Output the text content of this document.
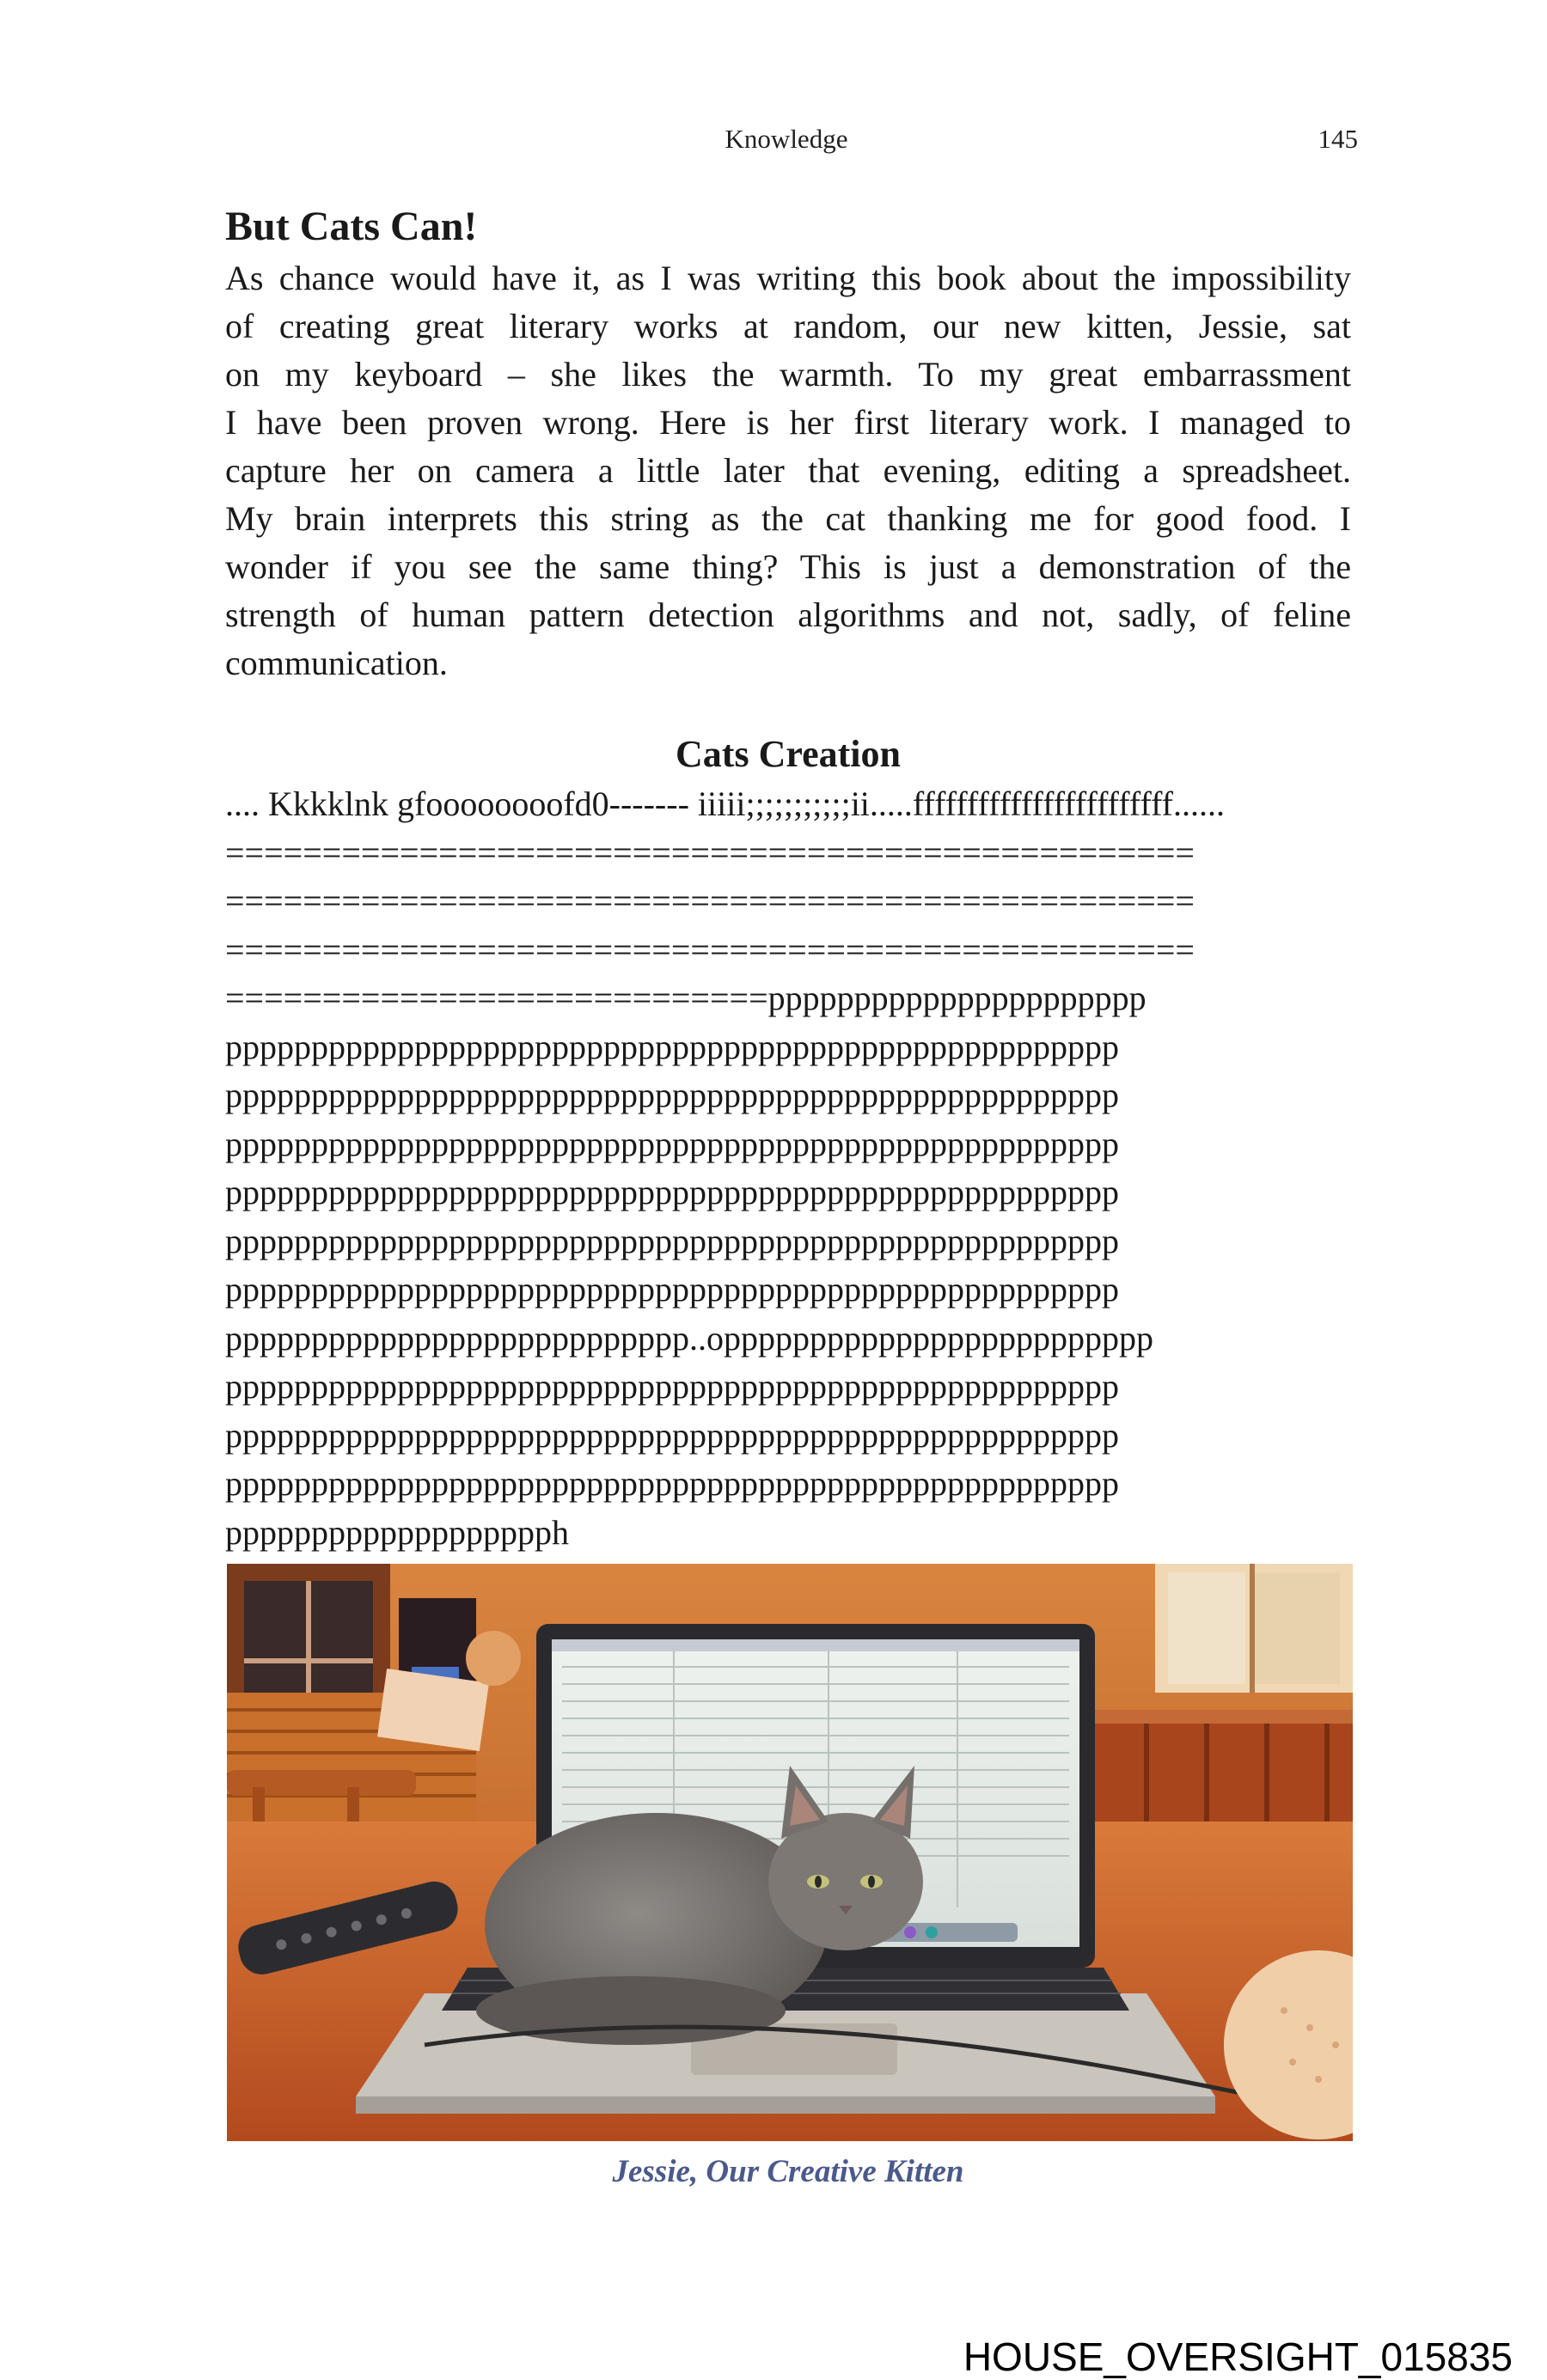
Knowledge	145
But Cats Can!
As chance would have it, as I was writing this book about the impossibility
of creating great literary works at random, our new kitten, Jessie, sat
on my keyboard – she likes the warmth. To my great embarrassment
I have been proven wrong. Here is her first literary work. I managed to
capture her on camera a little later that evening, editing a spreadsheet.
My brain interprets this string as the cat thanking me for good food. I
wonder if you see the same thing? This is just a demonstration of the
strength of human pattern detection algorithms and not, sadly, of feline
communication.
Cats Creation
.... Kkkklnk gfoooooooofd0------- iiiii;;;;;;;;;;;ii.....ffffffffffffffffffffffff......
==================================================
==================================================
==================================================
============================pppppppppppppppppppppp
pppppppppppppppppppppppppppppppppppppppppppppppppppp
pppppppppppppppppppppppppppppppppppppppppppppppppppp
pppppppppppppppppppppppppppppppppppppppppppppppppppp
pppppppppppppppppppppppppppppppppppppppppppppppppppp
pppppppppppppppppppppppppppppppppppppppppppppppppppp
pppppppppppppppppppppppppppppppppppppppppppppppppppp
ppppppppppppppppppppppppppp..oppppppppppppppppppppppppp
pppppppppppppppppppppppppppppppppppppppppppppppppppp
pppppppppppppppppppppppppppppppppppppppppppppppppppp
pppppppppppppppppppppppppppppppppppppppppppppppppppp
ppppppppppppppppppph
Jessie, Our Creative Kitten
HOUSE_OVERSIGHT_015835
